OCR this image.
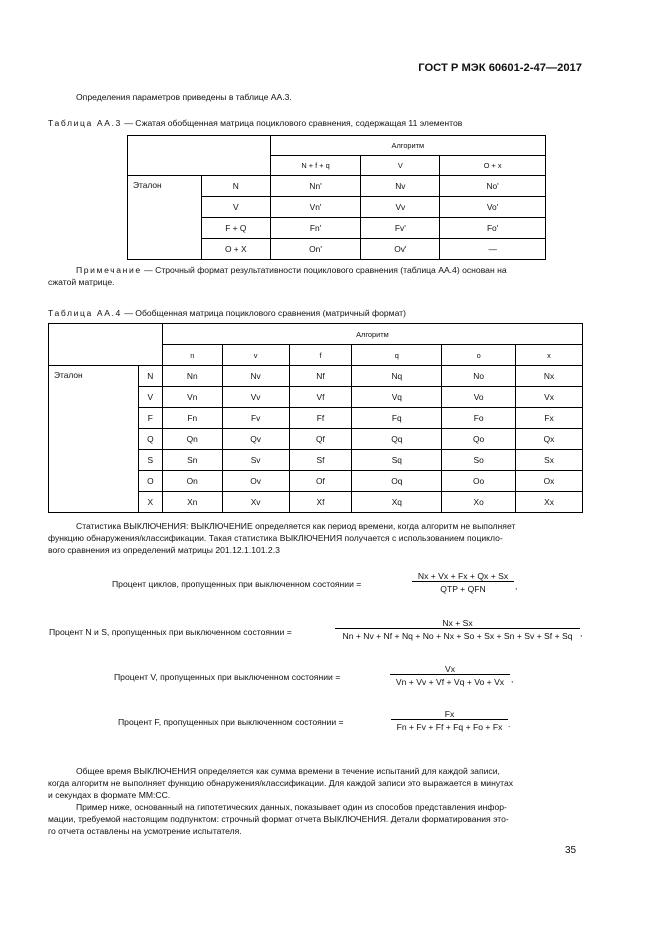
ГОСТ Р МЭК 60601-2-47—2017
Определения параметров приведены в таблице АА.3.
Таблица АА.3 — Сжатая обобщенная матрица поциклового сравнения, содержащая 11 элементов
		Алгоритм		
		N + f + q	V	O + x
Эталон	N	Nn'	Nv	No'
	V	Vn'	Vv	Vo'
	F + Q	Fn'	Fv'	Fo'
	O + X	On'	Ov'	—
Примечание — Строчный формат результативности поциклового сравнения (таблица АА.4) основан на
сжатой матрице.
Таблица АА.4 — Обобщенная матрица поциклового сравнения (матричный формат)
		Алгоритм					
		n	v	f	q	o	x
Эталон	N	Nn	Nv	Nf	Nq	No	Nx
	V	Vn	Vv	Vf	Vq	Vo	Vx
	F	Fn	Fv	Ff	Fq	Fo	Fx
	Q	Qn	Qv	Qf	Qq	Qo	Qx
	S	Sn	Sv	Sf	Sq	So	Sx
	O	On	Ov	Of	Oq	Oo	Ox
	X	Xn	Xv	Xf	Xq	Xo	Xx
Статистика ВЫКЛЮЧЕНИЯ: ВЫКЛЮЧЕНИЕ определяется как период времени, когда алгоритм не выполняет
функцию обнаружения/классификации. Такая статистика ВЫКЛЮЧЕНИЯ получается с использованием поцикло-
вого сравнения из определений матрицы 201.12.1.101.2.3
Процент циклов, пропущенных при выключенном состоянии =
Nx + Vx + Fx + Qx + Sx
QTP + QFN	,
Процент N и S, пропущенных при выключенном состоянии =	$\frac{Nx + Sx}{Nn + Nv + Nf + Nq + No + Nx + So + Sx + Sn + Sv + Sf + Sq}$ ,
Процент V, пропущенных при выключенном состоянии =	$\frac{Vx}{Vn + Vv + Vf + Vq + Vo + Vx}$ ,
Процент F, пропущенных при выключенном состоянии =	$\frac{Fx}{Fn + Fv + Ff + Fq + Fo + Fx}$ .
Общее время ВЫКЛЮЧЕНИЯ определяется как сумма времени в течение испытаний для каждой записи,
когда алгоритм не выполняет функцию обнаружения/классификации. Для каждой записи это выражается в минутах
и секундах в формате ММ:СС.
Пример ниже, основанный на гипотетических данных, показывает один из способов представления инфор-
мации, требуемой настоящим подпунктом: строчный формат отчета ВЫКЛЮЧЕНИЯ. Детали форматирования это-
го отчета оставлены на усмотрение испытателя.
35
